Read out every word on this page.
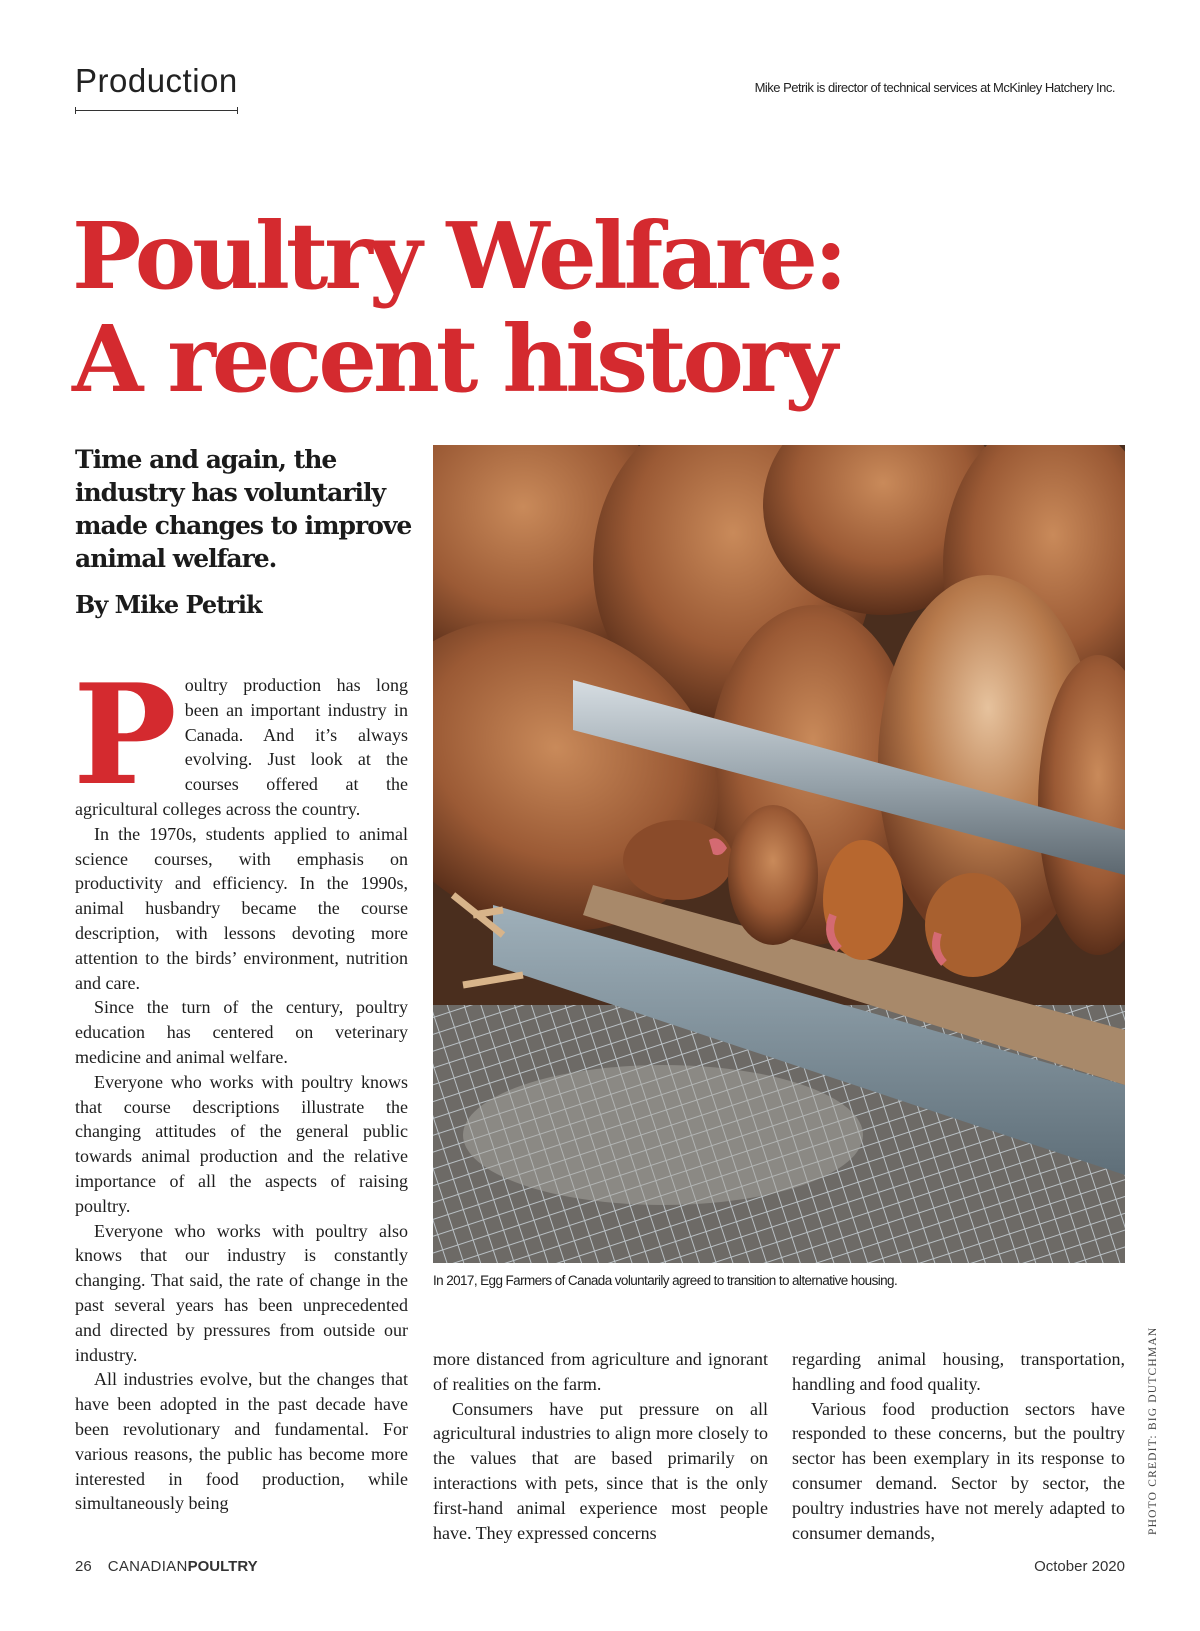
Production	Mike Petrik is director of technical services at McKinley Hatchery Inc.
Poultry Welfare:
A recent history

Time and again, the industry has voluntarily made changes to improve animal welfare.

By Mike Petrik

Poultry production has long been an important industry in Canada. And it’s always evolving. Just look at the courses offered at the agricultural colleges across the country.

In the 1970s, students applied to animal science courses, with emphasis on productivity and efficiency. In the 1990s, animal husbandry became the course description, with lessons devoting more attention to the birds’ environment, nutrition and care.

Since the turn of the century, poultry education has centered on veterinary medicine and animal welfare.

Everyone who works with poultry knows that course descriptions illustrate the changing attitudes of the general public towards animal production and the relative importance of all the aspects of raising poultry.

Everyone who works with poultry also knows that our industry is constantly changing. That said, the rate of change in the past several years has been unprecedented and directed by pressures from outside our industry.

All industries evolve, but the changes that have been adopted in the past decade have been revolutionary and fundamental. For various reasons, the public has become more interested in food production, while simultaneously being

In 2017, Egg Farmers of Canada voluntarily agreed to transition to alternative housing.
PHOTO CREDIT: BIG DUTCHMAN

more distanced from agriculture and ignorant of realities on the farm.

Consumers have put pressure on all agricultural industries to align more closely to the values that are based primarily on interactions with pets, since that is the only first-hand animal experience most people have. They expressed concerns

regarding animal housing, transportation, handling and food quality.

Various food production sectors have responded to these concerns, but the poultry sector has been exemplary in its response to consumer demand. Sector by sector, the poultry industries have not merely adapted to consumer demands,

26 CANADIANPOULTRY	October 2020
